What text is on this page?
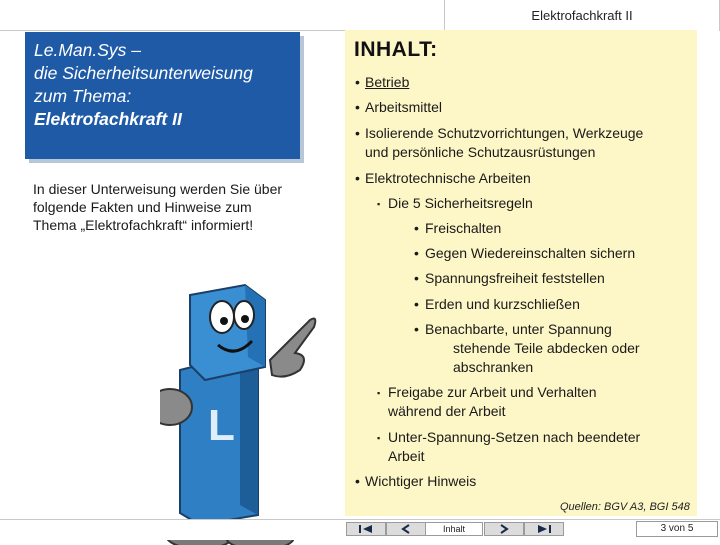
Elektrofachkraft II
Le.Man.Sys –
die Sicherheitsunterweisung
zum Thema:
Elektrofachkraft II
In dieser Unterweisung werden Sie über folgende Fakten und Hinweise zum Thema „Elektrofachkraft“ informiert!
L
INHALT:
• Betrieb
• Arbeitsmittel
• Isolierende Schutzvorrichtungen, Werkzeuge
und persönliche Schutzausrüstungen
• Elektrotechnische Arbeiten
▪ Die 5 Sicherheitsregeln
• Freischalten
• Gegen Wiedereinschalten sichern
• Spannungsfreiheit feststellen
• Erden und kurzschließen
• Benachbarte, unter Spannung
stehende Teile abdecken oder
abschranken
▪ Freigabe zur Arbeit und Verhalten
während der Arbeit
▪ Unter-Spannung-Setzen nach beendeter
Arbeit
• Wichtiger Hinweis
Quellen: BGV A3, BGI 548
Inhalt	3 von 5
